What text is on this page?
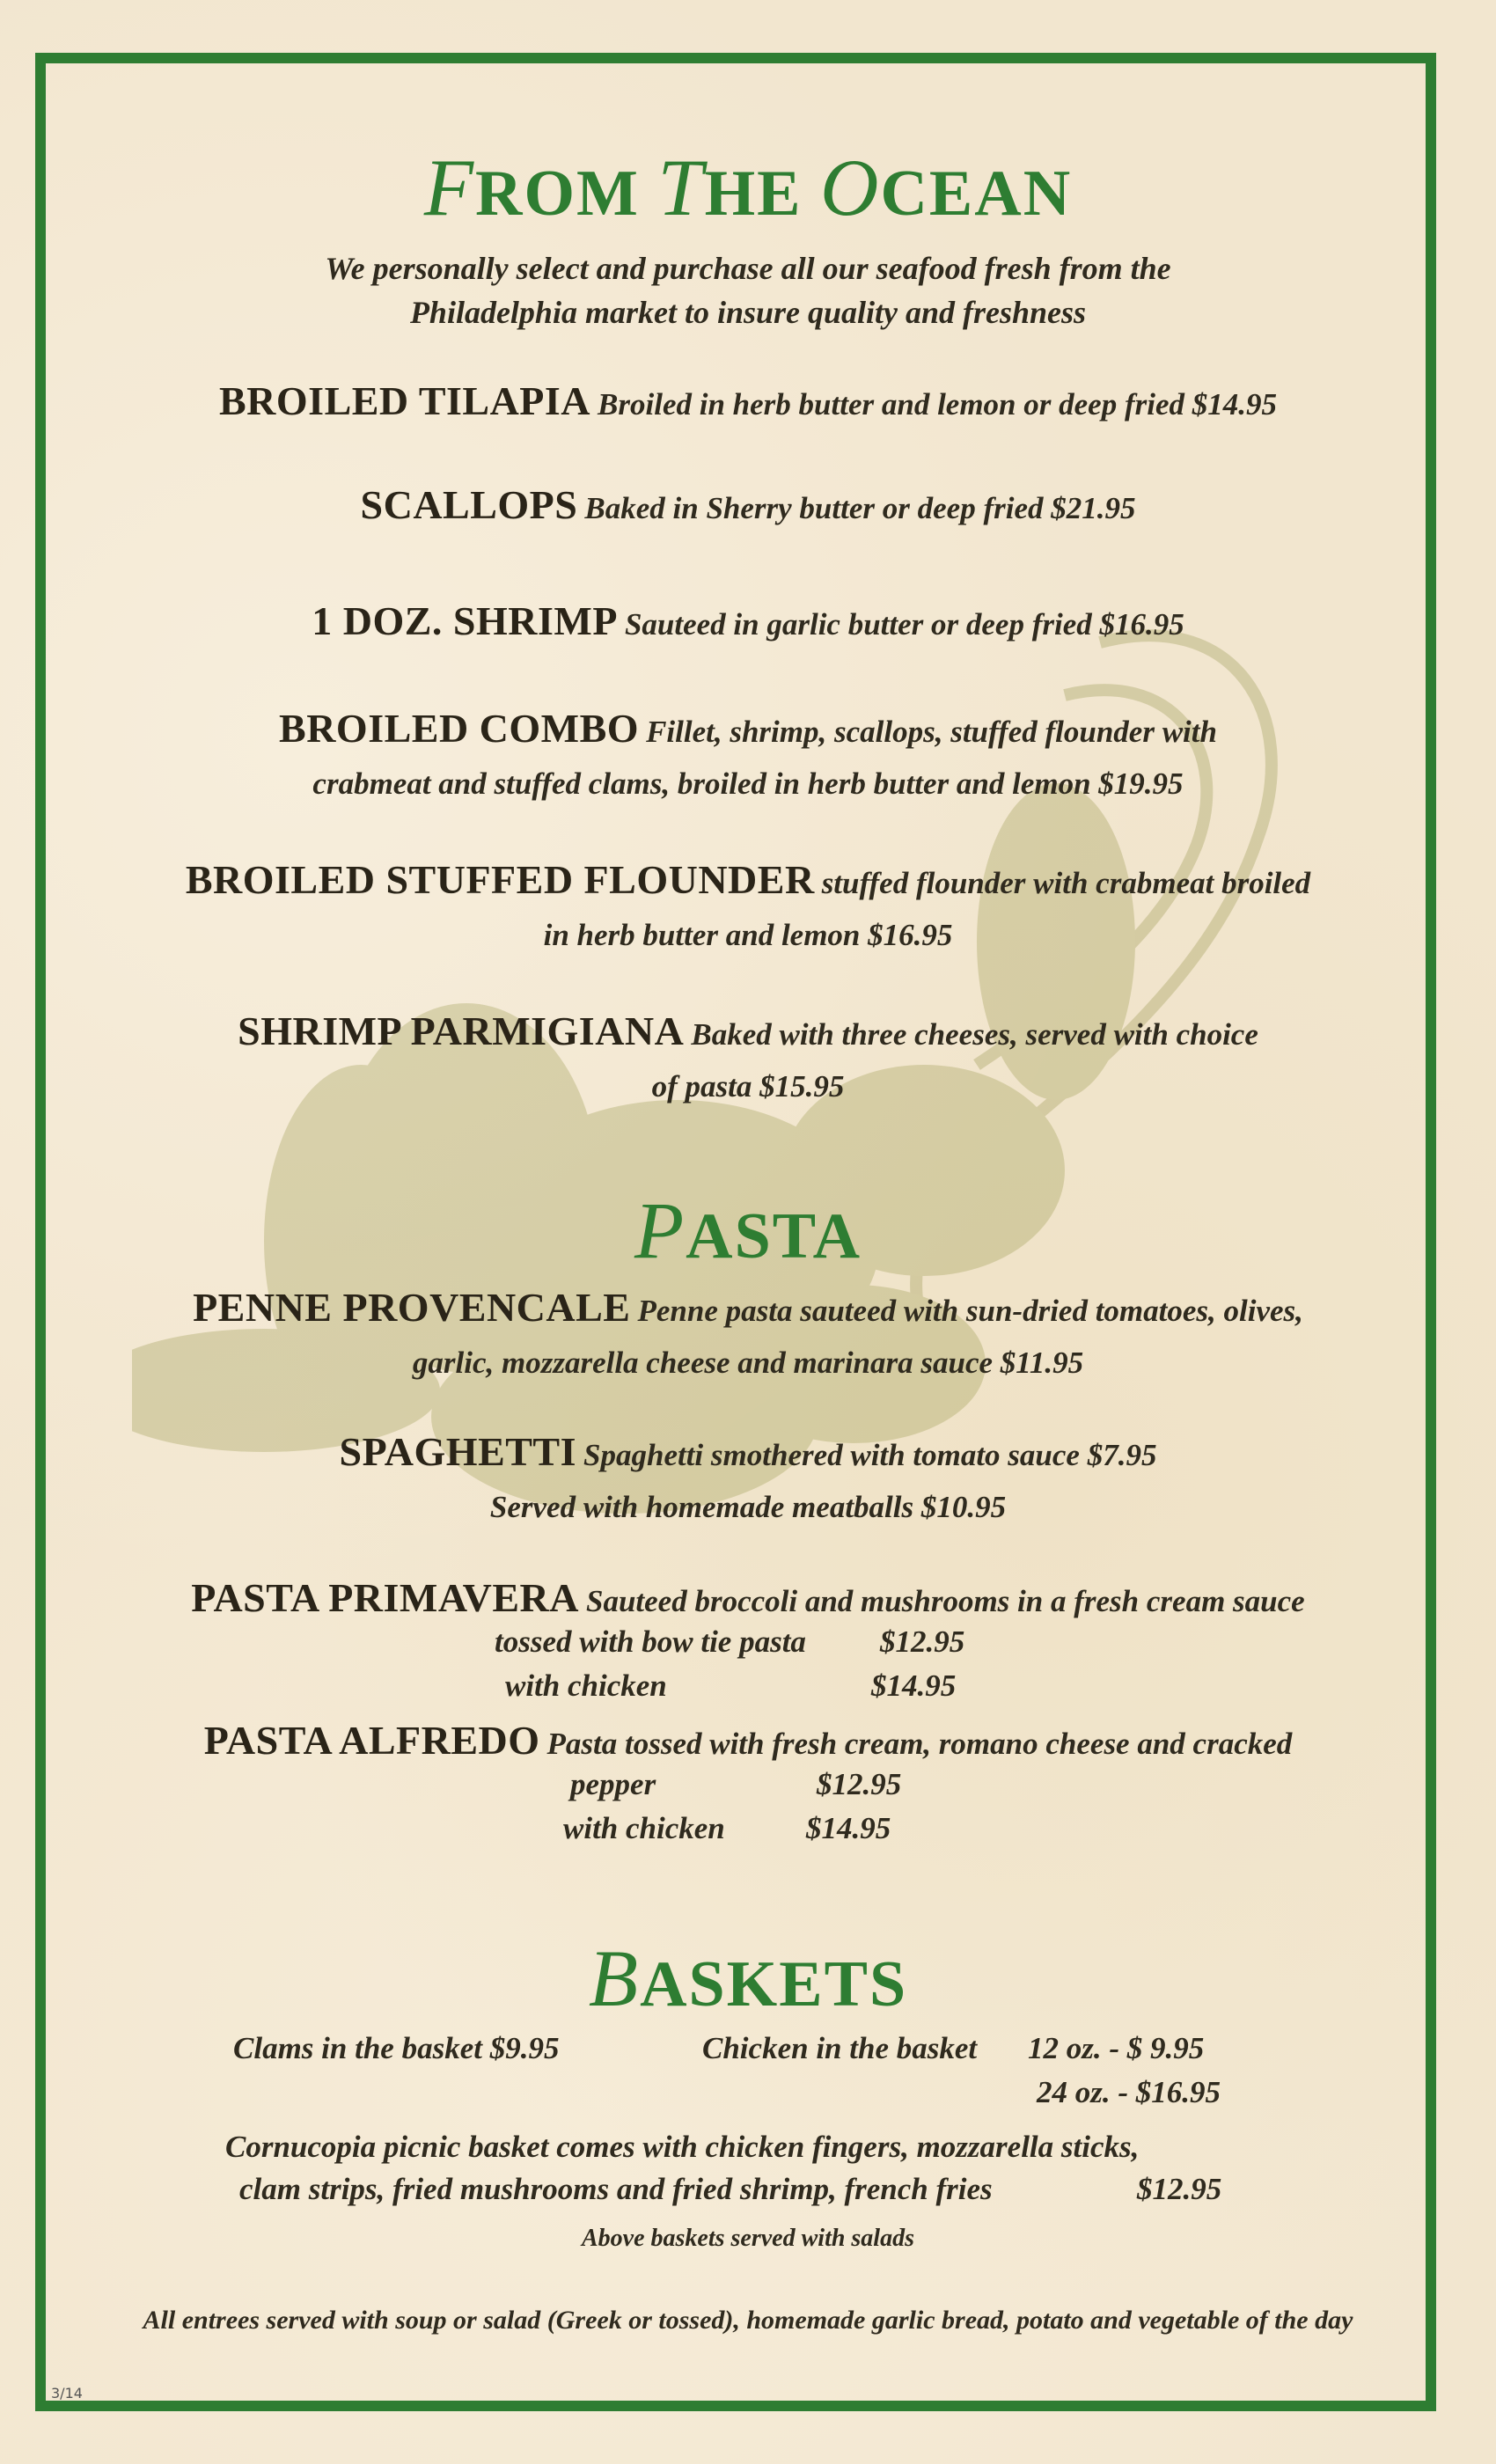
FROM THE OCEAN
We personally select and purchase all our seafood fresh from the
Philadelphia market to insure quality and freshness
BROILED TILAPIA Broiled in herb butter and lemon or deep fried $14.95
SCALLOPS Baked in Sherry butter or deep fried $21.95
1 DOZ. SHRIMP Sauteed in garlic butter or deep fried $16.95
BROILED COMBO Fillet, shrimp, scallops, stuffed flounder with
crabmeat and stuffed clams, broiled in herb butter and lemon $19.95
BROILED STUFFED FLOUNDER stuffed flounder with crabmeat broiled
in herb butter and lemon $16.95
SHRIMP PARMIGIANA Baked with three cheeses, served with choice
of pasta $15.95
PASTA
PENNE PROVENCALE Penne pasta sauteed with sun-dried tomatoes, olives,
garlic, mozzarella cheese and marinara sauce $11.95
SPAGHETTI Spaghetti smothered with tomato sauce $7.95
Served with homemade meatballs $10.95
PASTA PRIMAVERA Sauteed broccoli and mushrooms in a fresh cream sauce
tossed with bow tie pasta $12.95
with chicken	$14.95
PASTA ALFREDO Pasta tossed with fresh cream, romano cheese and cracked
pepper	$12.95
with chicken	$14.95
BASKETS
Clams in the basket $9.95	Chicken in the basket 12 oz. - $ 9.95
24 oz. - $16.95
Cornucopia picnic basket comes with chicken fingers, mozzarella sticks,
clam strips, fried mushrooms and fried shrimp, french fries	$12.95
Above baskets served with salads
All entrees served with soup or salad (Greek or tossed), homemade garlic bread, potato and vegetable of the day
3/14
